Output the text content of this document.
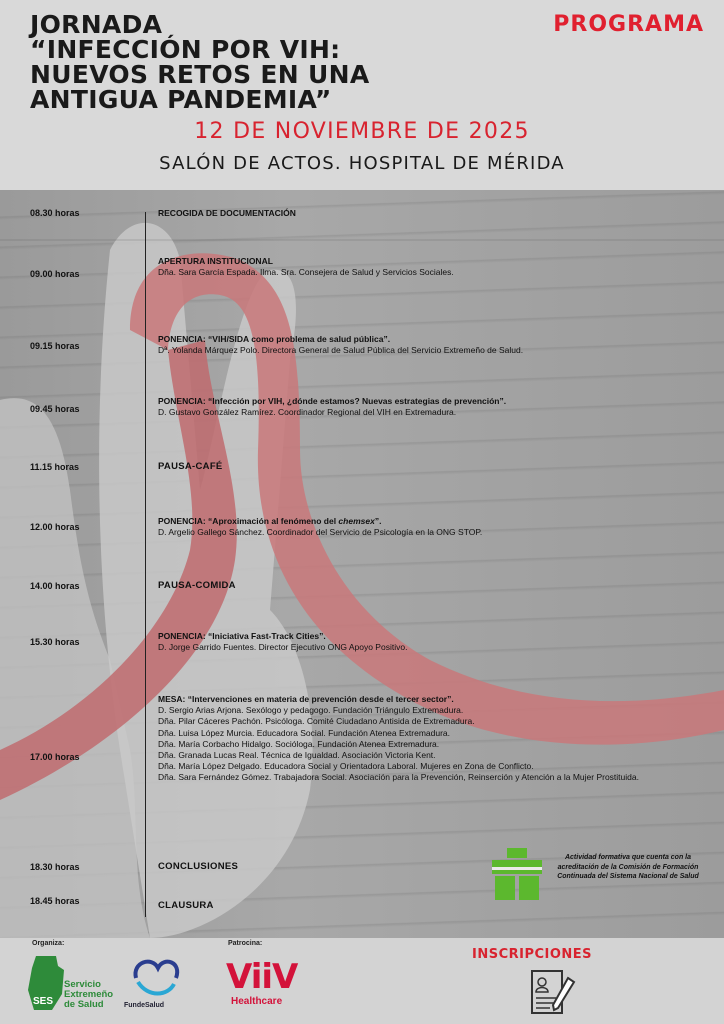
JORNADA
“INFECCIÓN POR VIH:
NUEVOS RETOS EN UNA
ANTIGUA PANDEMIA”
PROGRAMA
12 DE NOVIEMBRE DE 2025
SALÓN DE ACTOS. HOSPITAL DE MÉRIDA
08.30 horas	RECOGIDA DE DOCUMENTACIÓN
09.00 horas
APERTURA INSTITUCIONAL
Dña. Sara García Espada. Ilma. Sra. Consejera de Salud y Servicios Sociales.
09.15 horas
PONENCIA: “VIH/SIDA como problema de salud pública”.
Dª. Yolanda Márquez Polo. Directora General de Salud Pública del Servicio Extremeño de Salud.
09.45 horas
PONENCIA: “Infección por VIH, ¿dónde estamos? Nuevas estrategias de prevención”.
D. Gustavo González Ramírez. Coordinador Regional del VIH en Extremadura.
11.15 horas	PAUSA-CAFÉ
12.00 horas
PONENCIA: “Aproximación al fenómeno del chemsex”.
D. Argelio Gallego Sánchez. Coordinador del Servicio de Psicología en la ONG STOP.
14.00 horas	PAUSA-COMIDA
15.30 horas
PONENCIA: “Iniciativa Fast-Track Cities”.
D. Jorge Garrido Fuentes. Director Ejecutivo ONG Apoyo Positivo.
17.00 horas
MESA: “Intervenciones en materia de prevención desde el tercer sector”.
D. Sergio Arias Arjona. Sexólogo y pedagogo. Fundación Triángulo Extremadura.
Dña. Pilar Cáceres Pachón. Psicóloga. Comité Ciudadano Antisida de Extremadura.
Dña. Luisa López Murcia. Educadora Social. Fundación Atenea Extremadura.
Dña. María Corbacho Hidalgo. Socióloga. Fundación Atenea Extremadura.
Dña. Granada Lucas Real. Técnica de Igualdad. Asociación Victoria Kent.
Dña. María López Delgado. Educadora Social y Orientadora Laboral. Mujeres en Zona de Conflicto.
Dña. Sara Fernández Gómez. Trabajadora Social. Asociación para la Prevención, Reinserción y Atención a la Mujer Prostituida.
18.30 horas	CONCLUSIONES
18.45 horas	CLAUSURA
Actividad formativa que cuenta con la acreditación de la Comisión de Formación Continuada del Sistema Nacional de Salud
Organiza:	Patrocina:
SES
Servicio
Extremeño
de Salud	FundeSalud
ViiV
Healthcare
INSCRIPCIONES
